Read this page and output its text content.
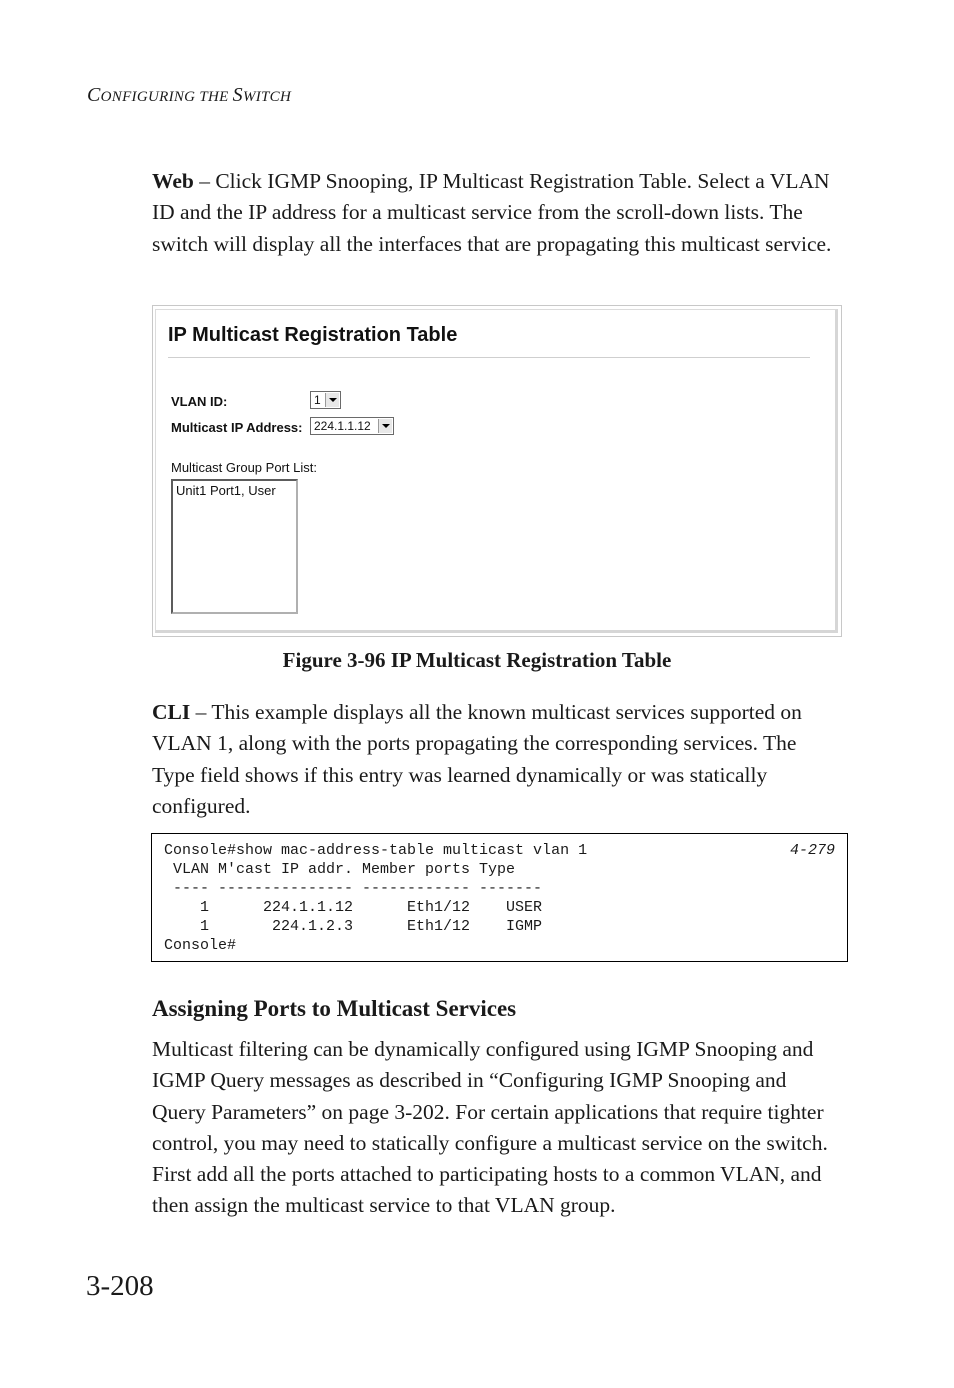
CONFIGURING THE SWITCH
Web – Click IGMP Snooping, IP Multicast Registration Table. Select a VLAN ID and the IP address for a multicast service from the scroll-down lists. The switch will display all the interfaces that are propagating this multicast service.
IP Multicast Registration Table
VLAN ID:	1
Multicast IP Address: 224.1.1.12
Multicast Group Port List:
Unit1 Port1, User
Figure 3-96 IP Multicast Registration Table
CLI – This example displays all the known multicast services supported on VLAN 1, along with the ports propagating the corresponding services. The Type field shows if this entry was learned dynamically or was statically configured.
4-279
Console#show mac-address-table multicast vlan 1
VLAN M'cast IP addr. Member ports Type
---- --------------- ------------ -------
1      224.1.1.12      Eth1/12    USER
1       224.1.2.3      Eth1/12    IGMP
Console#
Assigning Ports to Multicast Services
Multicast filtering can be dynamically configured using IGMP Snooping and IGMP Query messages as described in “Configuring IGMP Snooping and Query Parameters” on page 3-202. For certain applications that require tighter control, you may need to statically configure a multicast service on the switch. First add all the ports attached to participating hosts to a common VLAN, and then assign the multicast service to that VLAN group.
3-208
